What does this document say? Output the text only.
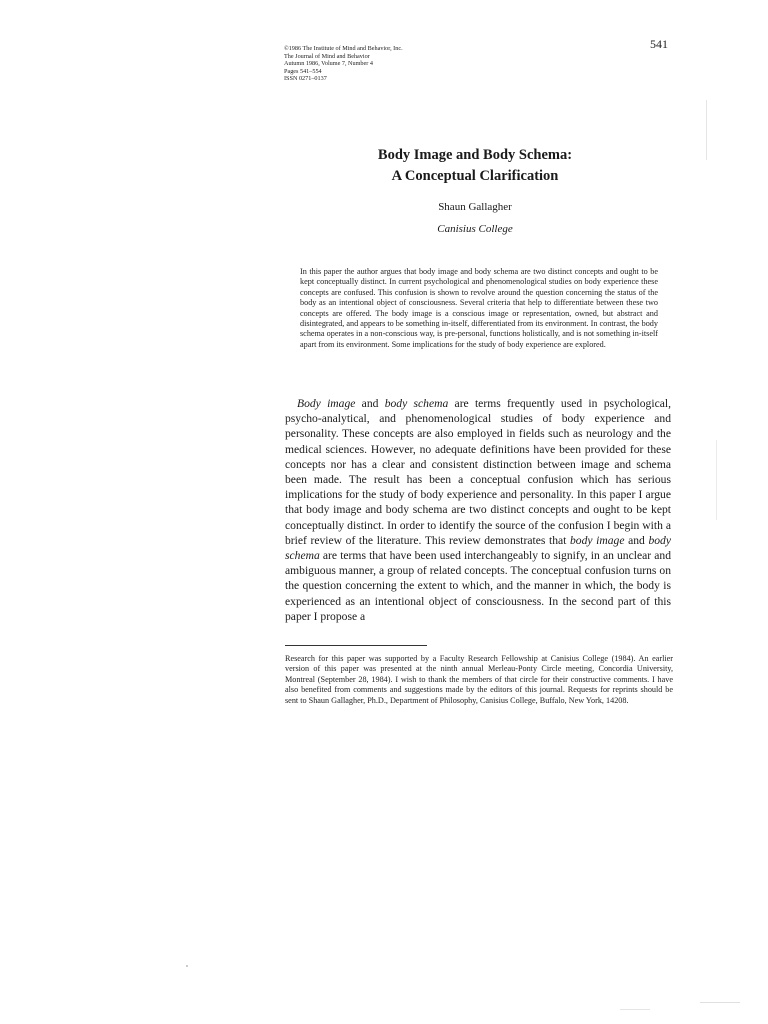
©1986 The Institute of Mind and Behavior, Inc.
The Journal of Mind and Behavior
Autumn 1986, Volume 7, Number 4
Pages 541–554
ISSN 0271–0137
541
Body Image and Body Schema:
A Conceptual Clarification
Shaun Gallagher
Canisius College
In this paper the author argues that body image and body schema are two distinct concepts and ought to be kept conceptually distinct. In current psychological and phenomenological studies on body experience these concepts are confused. This confusion is shown to revolve around the question concerning the status of the body as an intentional object of consciousness. Several criteria that help to differentiate between these two concepts are offered. The body image is a conscious image or representation, owned, but abstract and disintegrated, and appears to be something in-itself, differentiated from its environment. In contrast, the body schema operates in a non-conscious way, is pre-personal, functions holistically, and is not something in-itself apart from its environment. Some implications for the study of body experience are explored.
Body image and body schema are terms frequently used in psychological, psycho-analytical, and phenomenological studies of body experience and personality. These concepts are also employed in fields such as neurology and the medical sciences. However, no adequate definitions have been provided for these concepts nor has a clear and consistent distinction between image and schema been made. The result has been a conceptual confusion which has serious implications for the study of body experience and personality. In this paper I argue that body image and body schema are two distinct concepts and ought to be kept conceptually distinct. In order to identify the source of the confusion I begin with a brief review of the literature. This review demonstrates that body image and body schema are terms that have been used interchangeably to signify, in an unclear and ambiguous manner, a group of related concepts. The conceptual confusion turns on the question concerning the extent to which, and the manner in which, the body is experienced as an intentional object of consciousness. In the second part of this paper I propose a
Research for this paper was supported by a Faculty Research Fellowship at Canisius College (1984). An earlier version of this paper was presented at the ninth annual Merleau-Ponty Circle meeting, Concordia University, Montreal (September 28, 1984). I wish to thank the members of that circle for their constructive comments. I have also benefited from comments and suggestions made by the editors of this journal. Requests for reprints should be sent to Shaun Gallagher, Ph.D., Department of Philosophy, Canisius College, Buffalo, New York, 14208.
